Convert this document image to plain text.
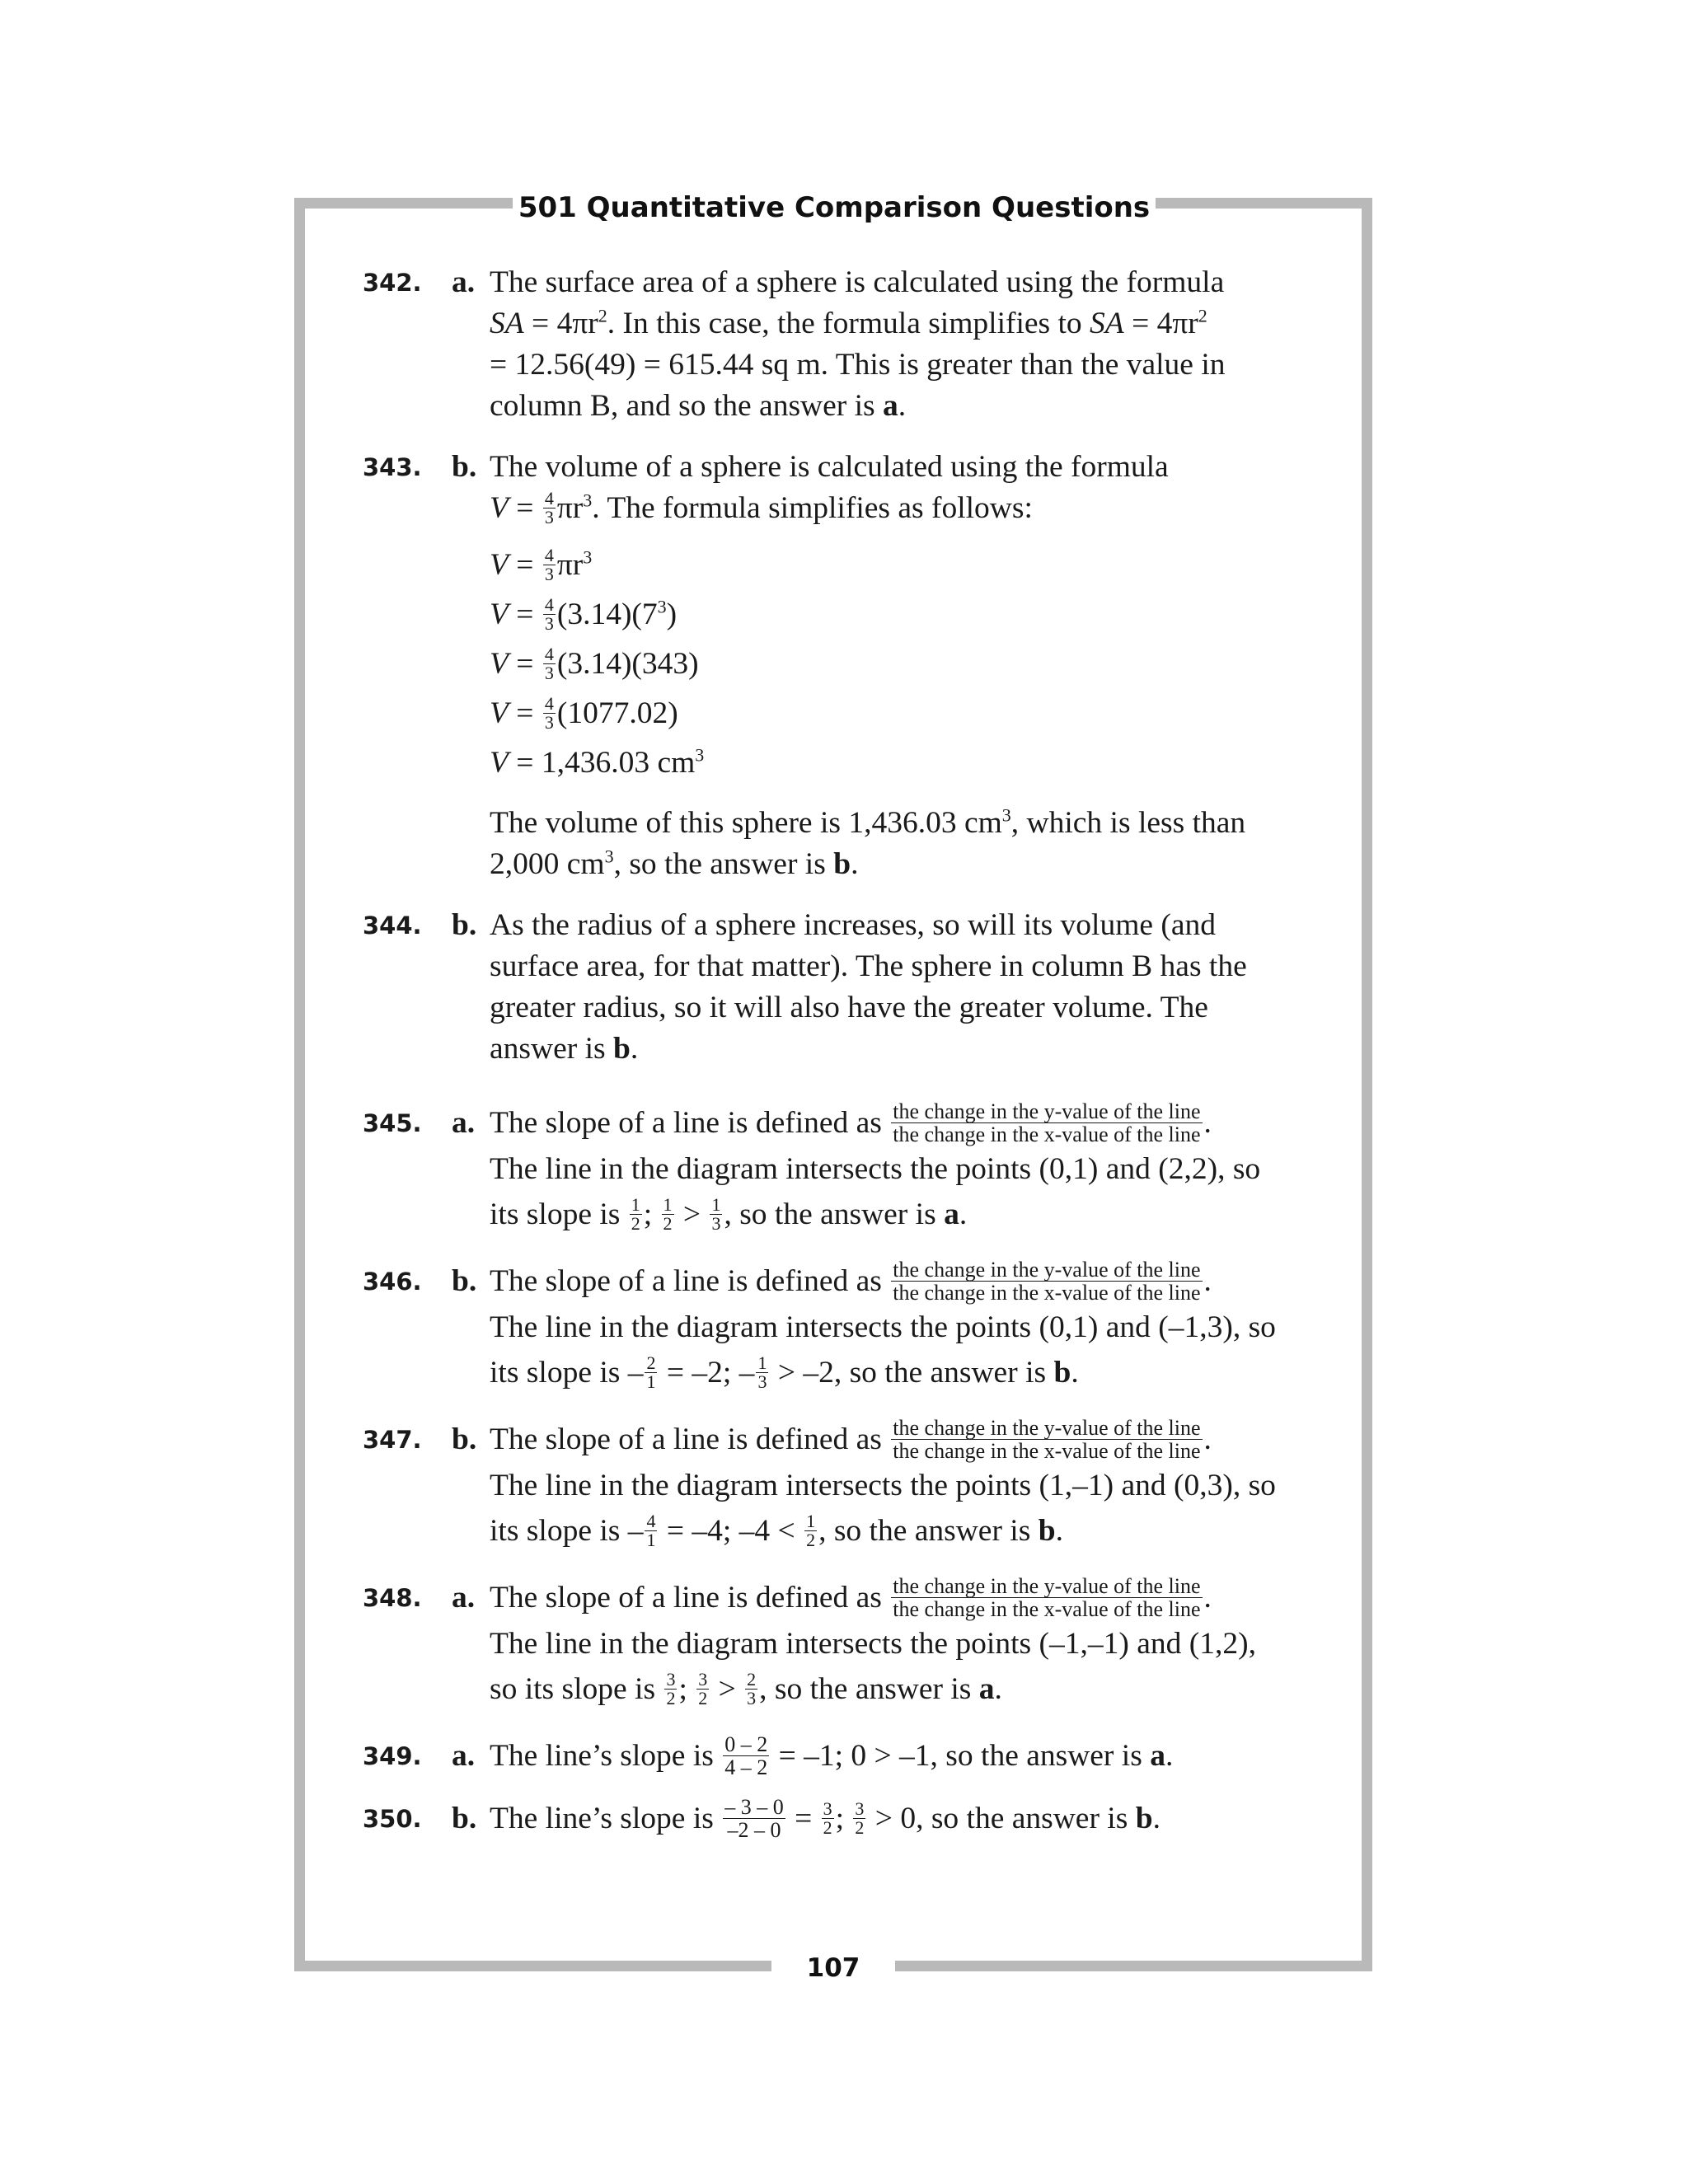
501 Quantitative Comparison Questions
342. a. The surface area of a sphere is calculated using the formula

SA = $4\pi r^2$. In this case, the formula simplifies to SA = $4\pi r^2$

= 12.56(49) = 615.44 sq m. This is greater than the value in

column B, and so the answer is a.

343. b. The volume of a sphere is calculated using the formula

$V = \frac{4}{3} \pi r^3$. The formula simplifies as follows:

$V = \frac{4}{3} \pi r^3$
$V = \frac{4}{3} (3.14)(7^3)$
$V = \frac{4}{3} (3.14)(343)$
$V = \frac{4}{3} (1077.02)$
V = 1,436.03 $cm^3$

The volume of this sphere is 1,436.03 $cm^3$, which is less than

2,000 $cm^3$, so the answer is b.

344. b. As the radius of a sphere increases, so will its volume (and

surface area, for that matter). The sphere in column B has the

greater radius, so it will also have the greater volume. The

answer is b.

345. a. The slope of a line is defined as $\frac{\text{the change in the y-value of the line}}{\text{the change in the x-value of the line}}$ .

The line in the diagram intersects the points (0,1) and (2,2), so

its slope is $\frac{1}{2}$ ; $\frac{1}{2} > \frac{1}{3}$ , so the answer is a.

346. b. The slope of a line is defined as $\frac{\text{the change in the y-value of the line}}{\text{the change in the x-value of the line}}$ .

The line in the diagram intersects the points (0,1) and (–1,3), so

its slope is – $\frac{2}{1} = -2$; – $\frac{1}{3} > -2$, so the answer is b.

347. b. The slope of a line is defined as $\frac{\text{the change in the y-value of the line}}{\text{the change in the x-value of the line}}$ .

The line in the diagram intersects the points (1,–1) and (0,3), so

its slope is – $\frac{4}{1} = -4$; $-4 < \frac{1}{2}$ , so the answer is b.

348. a. The slope of a line is defined as $\frac{\text{the change in the y-value of the line}}{\text{the change in the x-value of the line}}$ .

The line in the diagram intersects the points (–1,–1) and (1,2),

so its slope is $\frac{3}{2}$ ; $\frac{3}{2} > \frac{2}{3}$ , so the answer is a.

349. a. The line’s slope is $\frac{0 - 2}{4 - 2} = -1$; 0 > –1, so the answer is a.

350. b. The line’s slope is $\frac{- 3 - 0}{-2 - 0} = \frac{3}{2}$ ; $\frac{3}{2} > 0$, so the answer is b.

107
